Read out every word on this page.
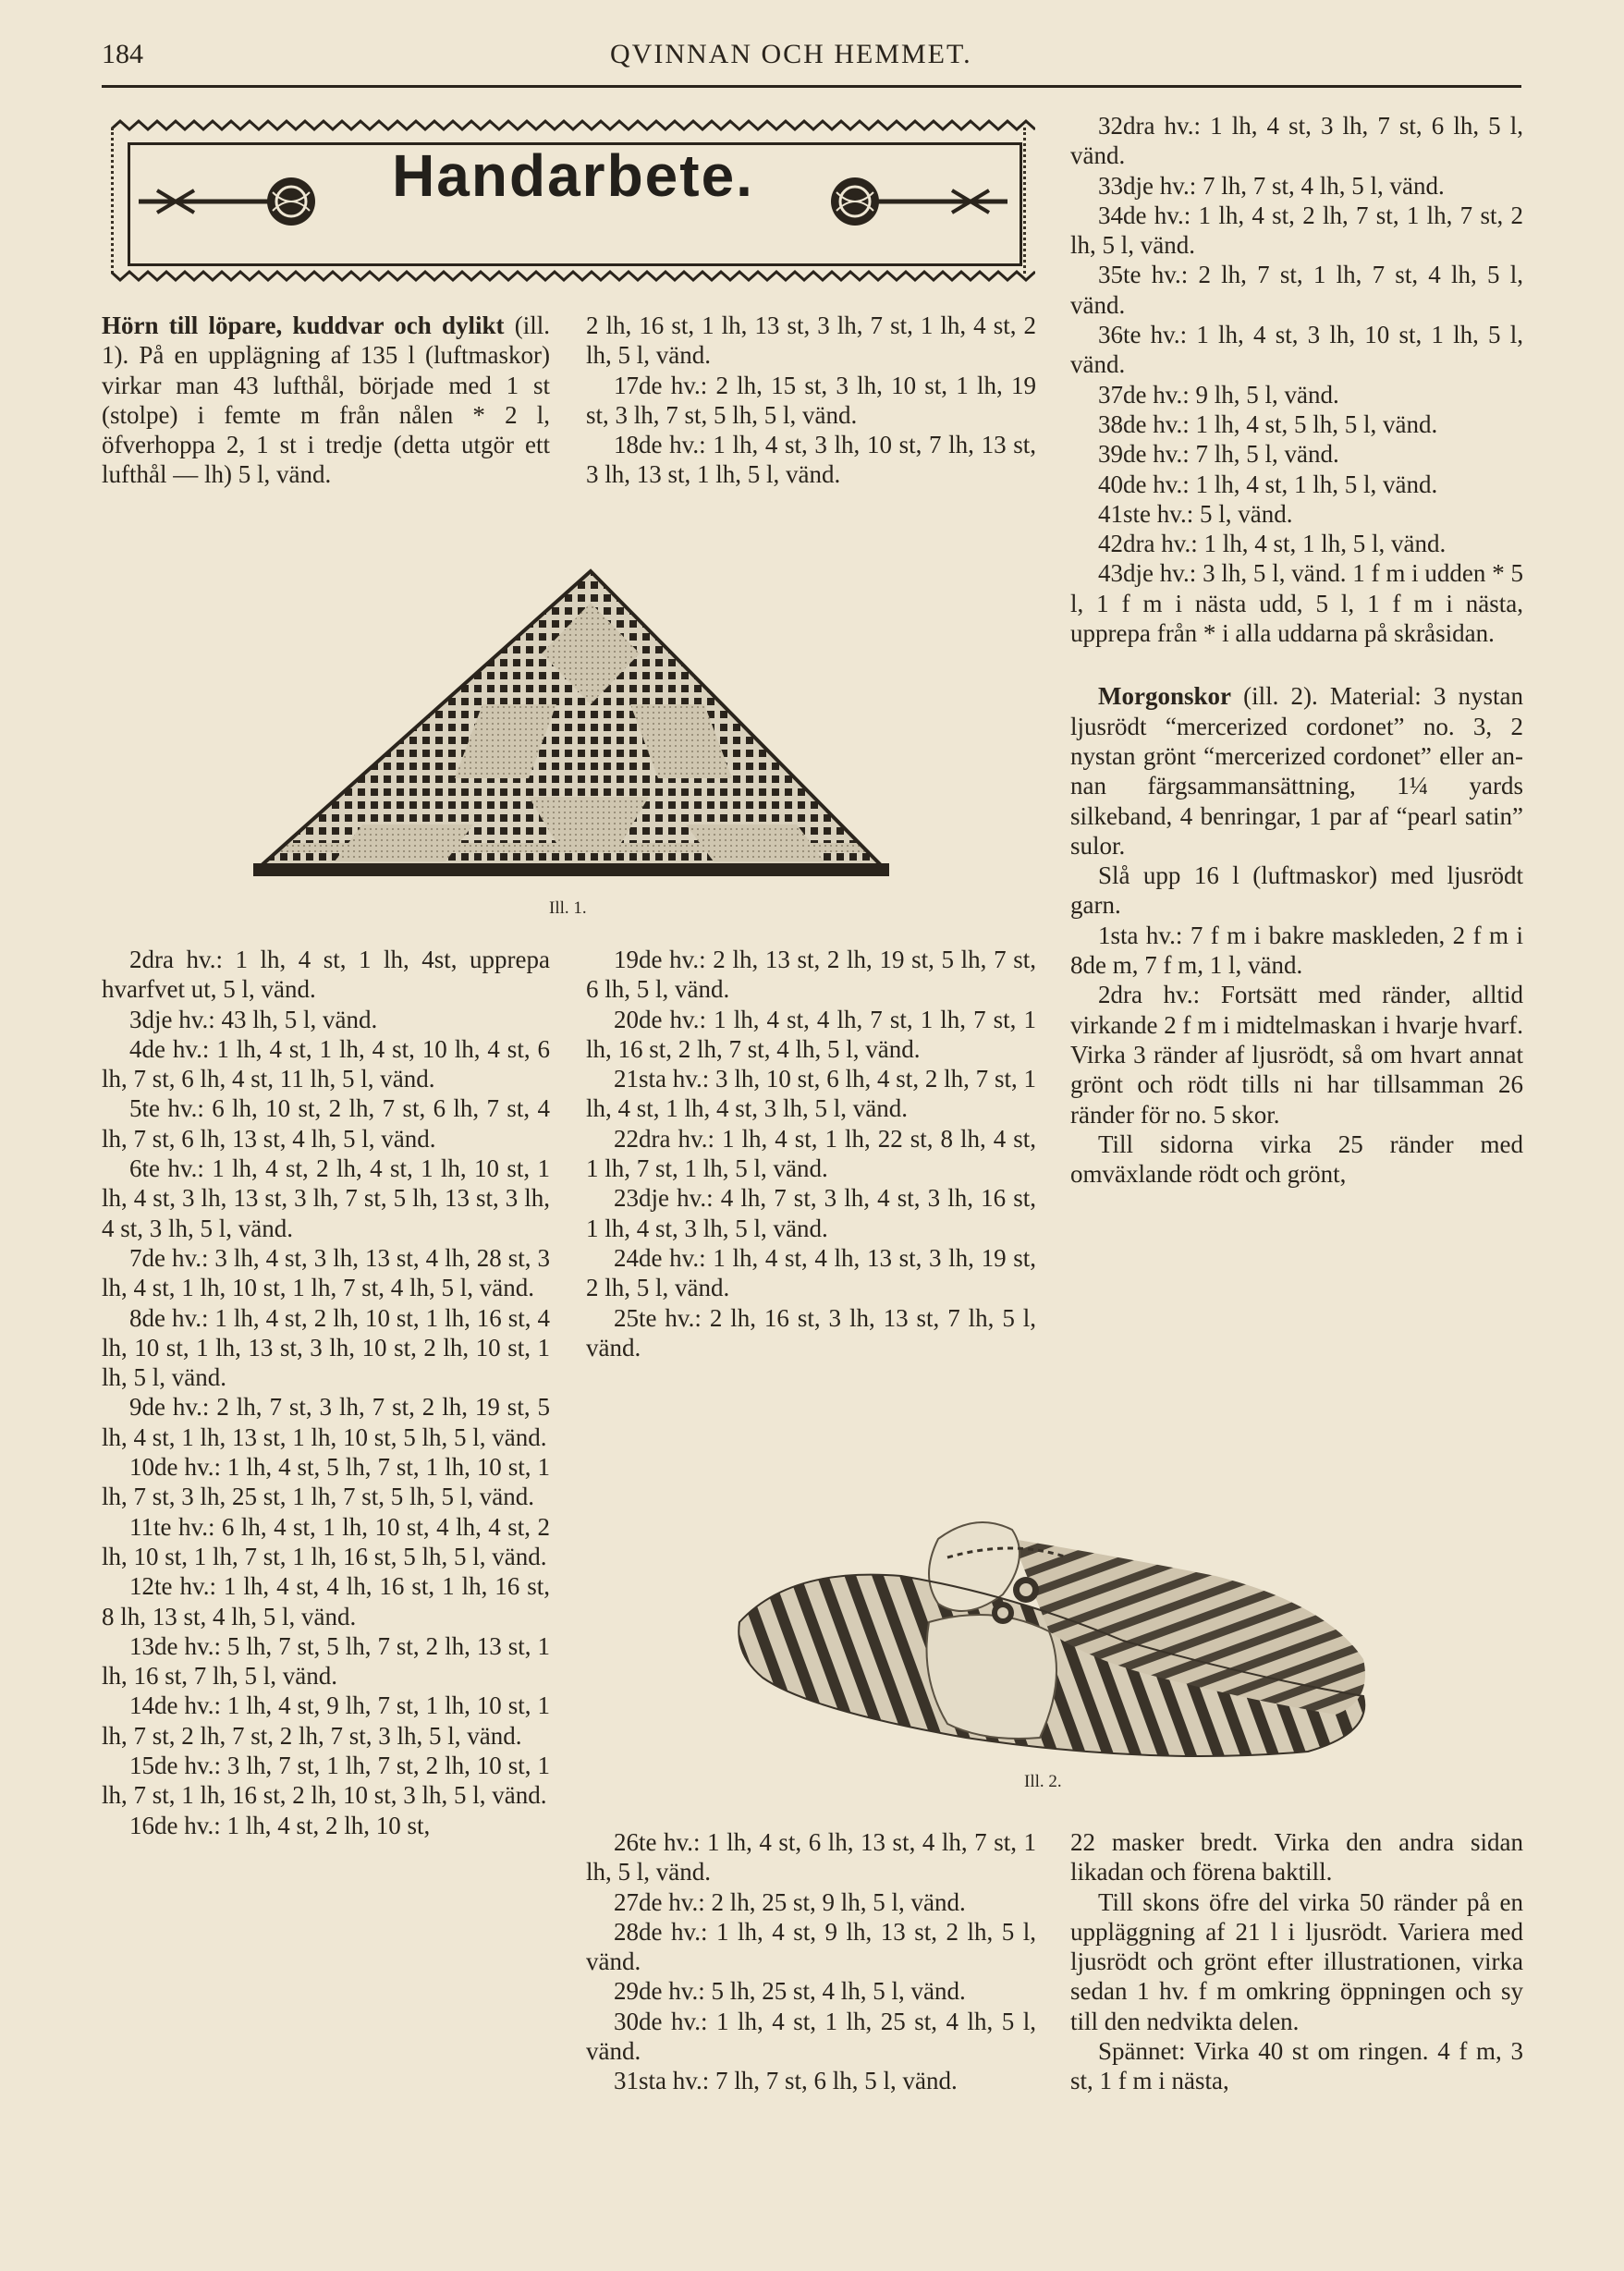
184	QVINNAN OCH HEMMET.
Handarbete.

Hörn till löpare, kuddvar och dylikt (ill. 1). På en upplägning af 135 l (luftmaskor) virkar man 43 lufthål, började med 1 st (stolpe) i femte m från nålen * 2 l, öfverhoppa 2, 1 st i tredje (detta utgör ett lufthål — lh) 5 l, vänd.

2 lh, 16 st, 1 lh, 13 st, 3 lh, 7 st, 1 lh, 4 st, 2 lh, 5 l, vänd.

17de hv.: 2 lh, 15 st, 3 lh, 10 st, 1 lh, 19 st, 3 lh, 7 st, 5 lh, 5 l, vänd.

18de hv.: 1 lh, 4 st, 3 lh, 10 st, 7 lh, 13 st, 3 lh, 13 st, 1 lh, 5 l, vänd.

Ill. 1.

32dra hv.: 1 lh, 4 st, 3 lh, 7 st, 6 lh, 5 l, vänd.

33dje hv.: 7 lh, 7 st, 4 lh, 5 l, vänd.

34de hv.: 1 lh, 4 st, 2 lh, 7 st, 1 lh, 7 st, 2 lh, 5 l, vänd.

35te hv.: 2 lh, 7 st, 1 lh, 7 st, 4 lh, 5 l, vänd.

36te hv.: 1 lh, 4 st, 3 lh, 10 st, 1 lh, 5 l, vänd.

37de hv.: 9 lh, 5 l, vänd.

38de hv.: 1 lh, 4 st, 5 lh, 5 l, vänd.

39de hv.: 7 lh, 5 l, vänd.

40de hv.: 1 lh, 4 st, 1 lh, 5 l, vänd.

41ste hv.: 5 l, vänd.

42dra hv.: 1 lh, 4 st, 1 lh, 5 l, vänd.

43dje hv.: 3 lh, 5 l, vänd. 1 f m i udden * 5 l, 1 f m i nästa udd, 5 l, 1 f m i nästa, upprepa från * i alla uddarna på skråsidan.

Morgonskor (ill. 2). Material: 3 nystan ljusrödt “mercerized cordonet” no. 3, 2 nystan grönt “mercerized cordonet” eller annan färgsammansättning, 1¼ yards silkeband, 4 benringar, 1 par af “pearl satin” sulor.

Slå upp 16 l (luftmaskor) med ljusrödt garn.

1sta hv.: 7 f m i bakre maskleden, 2 f m i 8de m, 7 f m, 1 l, vänd.

2dra hv.: Fortsätt med ränder, alltid virkande 2 f m i midtelmaskan i hvarje hvarf. Virka 3 ränder af ljusrödt, så om hvart annat grönt och rödt tills ni har tillsamman 26 ränder för no. 5 skor.

Till sidorna virka 25 ränder med omväxlande rödt och grönt,

2dra hv.: 1 lh, 4 st, 1 lh, 4st, upprepa hvarfvet ut, 5 l, vänd.

3dje hv.: 43 lh, 5 l, vänd.

4de hv.: 1 lh, 4 st, 1 lh, 4 st, 10 lh, 4 st, 6 lh, 7 st, 6 lh, 4 st, 11 lh, 5 l, vänd.

5te hv.: 6 lh, 10 st, 2 lh, 7 st, 6 lh, 7 st, 4 lh, 7 st, 6 lh, 13 st, 4 lh, 5 l, vänd.

6te hv.: 1 lh, 4 st, 2 lh, 4 st, 1 lh, 10 st, 1 lh, 4 st, 3 lh, 13 st, 3 lh, 7 st, 5 lh, 13 st, 3 lh, 4 st, 3 lh, 5 l, vänd.

7de hv.: 3 lh, 4 st, 3 lh, 13 st, 4 lh, 28 st, 3 lh, 4 st, 1 lh, 10 st, 1 lh, 7 st, 4 lh, 5 l, vänd.

8de hv.: 1 lh, 4 st, 2 lh, 10 st, 1 lh, 16 st, 4 lh, 10 st, 1 lh, 13 st, 3 lh, 10 st, 2 lh, 10 st, 1 lh, 5 l, vänd.

9de hv.: 2 lh, 7 st, 3 lh, 7 st, 2 lh, 19 st, 5 lh, 4 st, 1 lh, 13 st, 1 lh, 10 st, 5 lh, 5 l, vänd.

10de hv.: 1 lh, 4 st, 5 lh, 7 st, 1 lh, 10 st, 1 lh, 7 st, 3 lh, 25 st, 1 lh, 7 st, 5 lh, 5 l, vänd.

11te hv.: 6 lh, 4 st, 1 lh, 10 st, 4 lh, 4 st, 2 lh, 10 st, 1 lh, 7 st, 1 lh, 16 st, 5 lh, 5 l, vänd.

12te hv.: 1 lh, 4 st, 4 lh, 16 st, 1 lh, 16 st, 8 lh, 13 st, 4 lh, 5 l, vänd.

13de hv.: 5 lh, 7 st, 5 lh, 7 st, 2 lh, 13 st, 1 lh, 16 st, 7 lh, 5 l, vänd.

14de hv.: 1 lh, 4 st, 9 lh, 7 st, 1 lh, 10 st, 1 lh, 7 st, 2 lh, 7 st, 2 lh, 7 st, 3 lh, 5 l, vänd.

15de hv.: 3 lh, 7 st, 1 lh, 7 st, 2 lh, 10 st, 1 lh, 7 st, 1 lh, 16 st, 2 lh, 10 st, 3 lh, 5 l, vänd.

16de hv.: 1 lh, 4 st, 2 lh, 10 st,

19de hv.: 2 lh, 13 st, 2 lh, 19 st, 5 lh, 7 st, 6 lh, 5 l, vänd.

20de hv.: 1 lh, 4 st, 4 lh, 7 st, 1 lh, 7 st, 1 lh, 16 st, 2 lh, 7 st, 4 lh, 5 l, vänd.

21sta hv.: 3 lh, 10 st, 6 lh, 4 st, 2 lh, 7 st, 1 lh, 4 st, 1 lh, 4 st, 3 lh, 5 l, vänd.

22dra hv.: 1 lh, 4 st, 1 lh, 22 st, 8 lh, 4 st, 1 lh, 7 st, 1 lh, 5 l, vänd.

23dje hv.: 4 lh, 7 st, 3 lh, 4 st, 3 lh, 16 st, 1 lh, 4 st, 3 lh, 5 l, vänd.

24de hv.: 1 lh, 4 st, 4 lh, 13 st, 3 lh, 19 st, 2 lh, 5 l, vänd.

25te hv.: 2 lh, 16 st, 3 lh, 13 st, 7 lh, 5 l, vänd.

Ill. 2.

26te hv.: 1 lh, 4 st, 6 lh, 13 st, 4 lh, 7 st, 1 lh, 5 l, vänd.

27de hv.: 2 lh, 25 st, 9 lh, 5 l, vänd.

28de hv.: 1 lh, 4 st, 9 lh, 13 st, 2 lh, 5 l, vänd.

29de hv.: 5 lh, 25 st, 4 lh, 5 l, vänd.

30de hv.: 1 lh, 4 st, 1 lh, 25 st, 4 lh, 5 l, vänd.

31sta hv.: 7 lh, 7 st, 6 lh, 5 l, vänd.

22 masker bredt. Virka den andra sidan likadan och förena baktill.

Till skons öfre del virka 50 ränder på en uppläggning af 21 l i ljusrödt. Variera med ljusrödt och grönt efter illustrationen, virka sedan 1 hv. f m omkring öppningen och sy till den nedvikta delen.

Spännet: Virka 40 st om ringen. 4 f m, 3 st, 1 f m i nästa,
